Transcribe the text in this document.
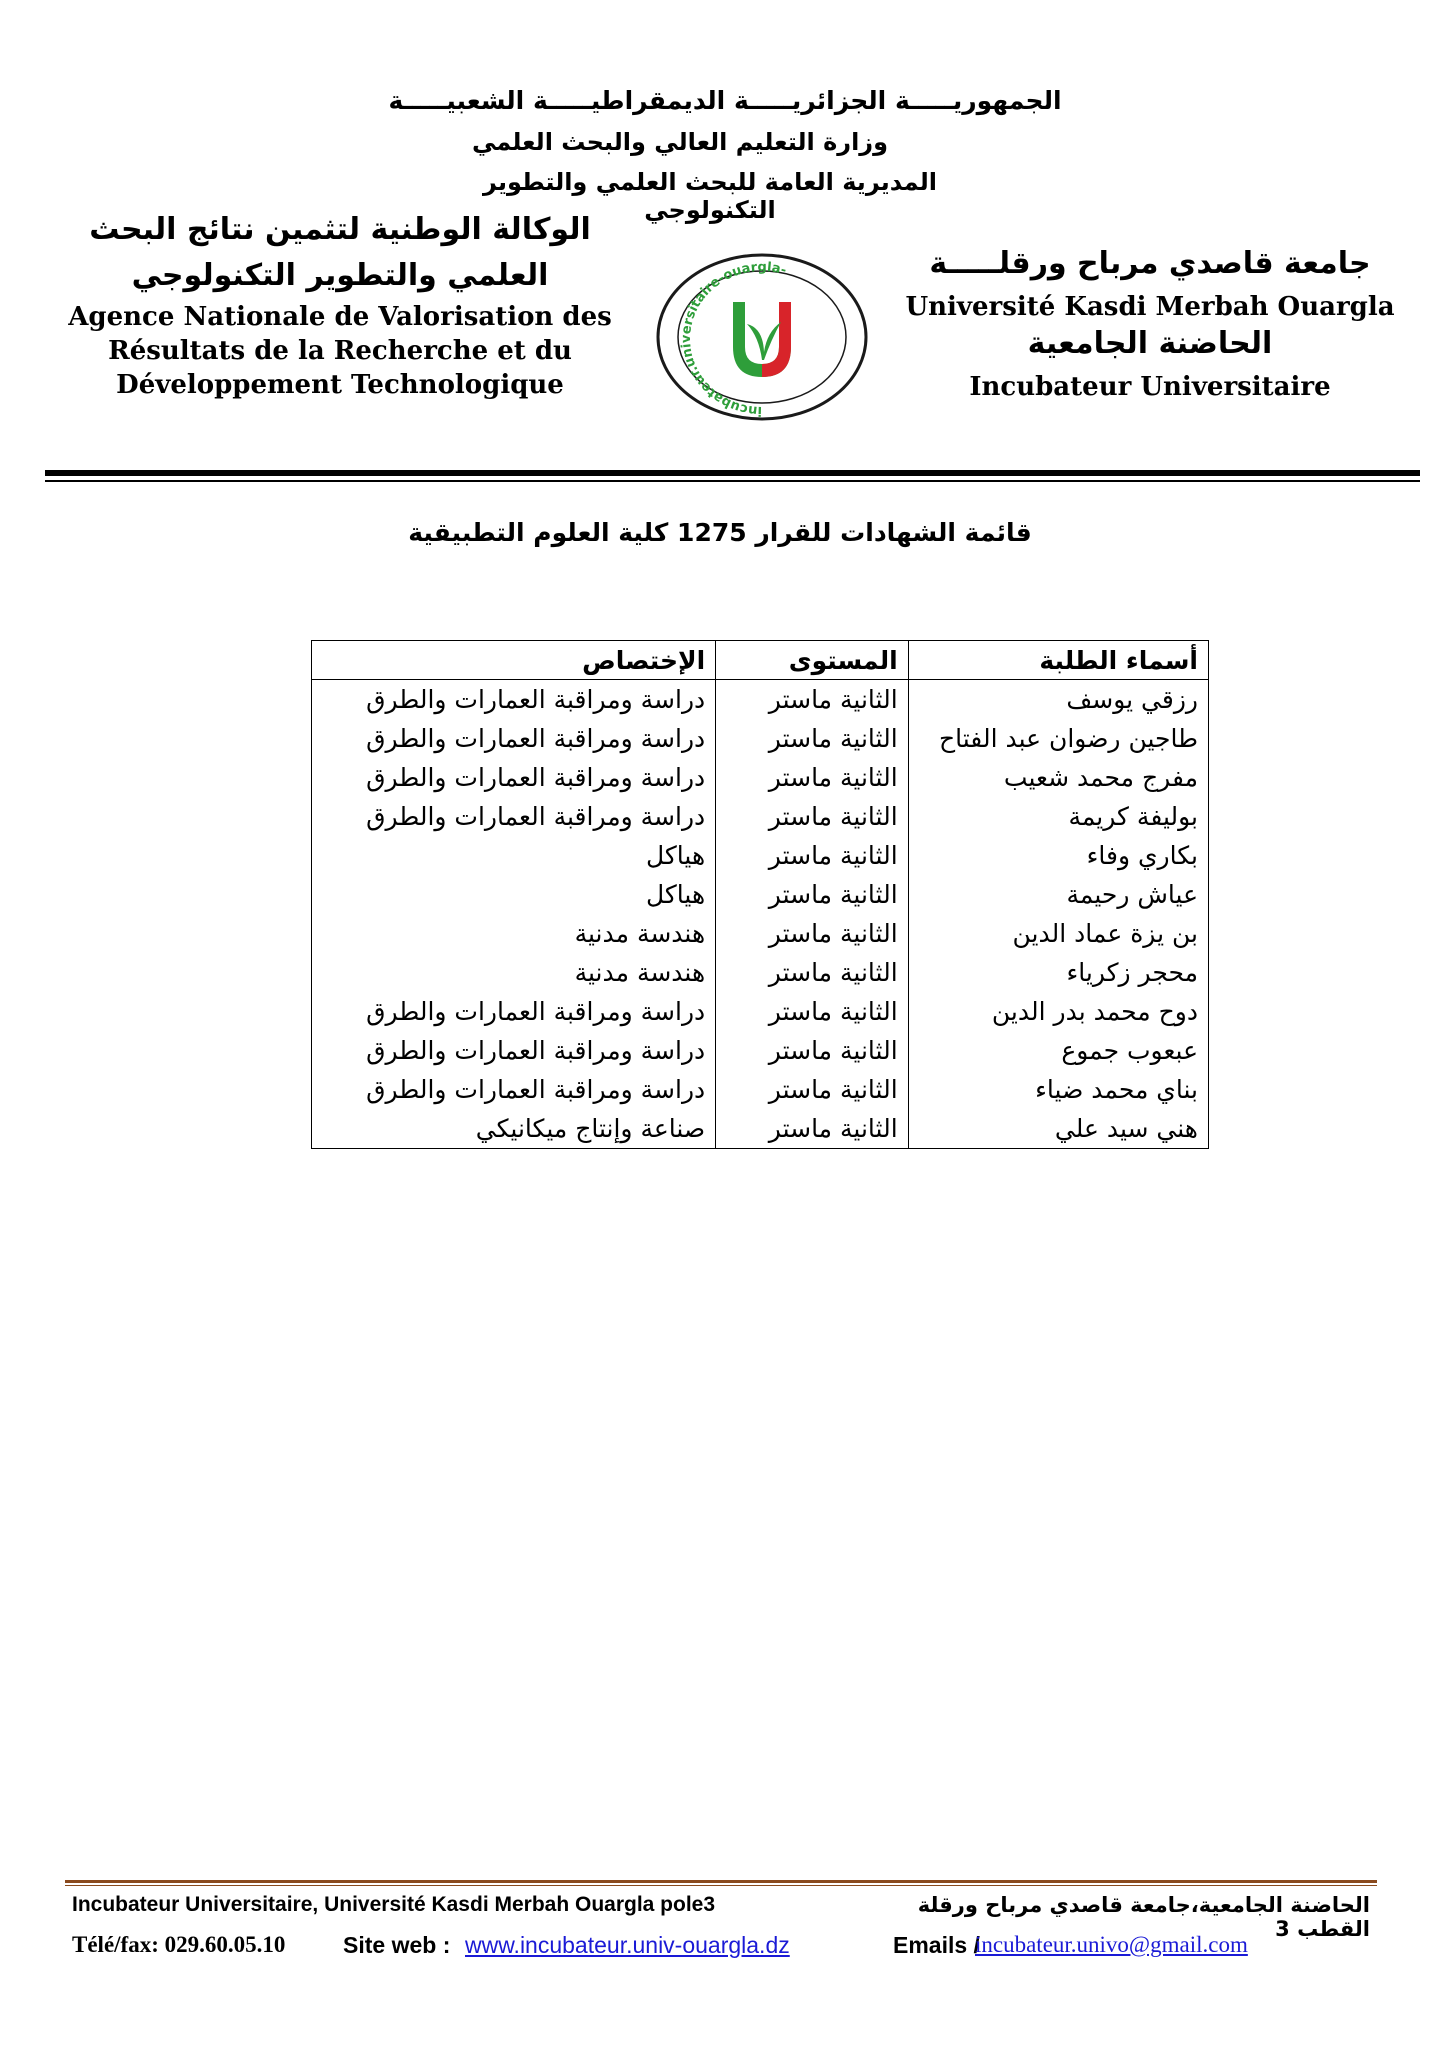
الجمهوريـــــة الجزائريـــــة الديمقراطيـــــة الشعبيـــــة
وزارة التعليم العالي والبحث العلمي
المديرية العامة للبحث العلمي والتطوير التكنولوجي
الوكالة الوطنية لتثمين نتائج البحث
العلمي والتطوير التكنولوجي
Agence Nationale de Valorisation des
Résultats de la Recherche et du
Développement Technologique
incubateur.universitaire-ouargla-	جامعة قاصدي مرباح ورقلـــــة
Université Kasdi Merbah Ouargla
الحاضنة الجامعية
Incubateur Universitaire
قائمة الشهادات للقرار 1275 كلية العلوم التطبيقية
أسماء الطلبة	المستوى	الإختصاص
رزقي يوسف	الثانية ماستر	دراسة ومراقبة العمارات والطرق
طاجين رضوان عبد الفتاح	الثانية ماستر	دراسة ومراقبة العمارات والطرق
مفرج محمد شعيب	الثانية ماستر	دراسة ومراقبة العمارات والطرق
بوليفة كريمة	الثانية ماستر	دراسة ومراقبة العمارات والطرق
بكاري وفاء	الثانية ماستر	هياكل
عياش رحيمة	الثانية ماستر	هياكل
بن يزة عماد الدين	الثانية ماستر	هندسة مدنية
محجر زكرياء	الثانية ماستر	هندسة مدنية
دوح محمد بدر الدين	الثانية ماستر	دراسة ومراقبة العمارات والطرق
عبعوب جموع	الثانية ماستر	دراسة ومراقبة العمارات والطرق
بناي محمد ضياء	الثانية ماستر	دراسة ومراقبة العمارات والطرق
هني سيد علي	الثانية ماستر	صناعة وإنتاج ميكانيكي
Incubateur Universitaire, Université Kasdi Merbah Ouargla pole3	الحاضنة الجامعية،جامعة قاصدي مرباح ورقلة القطب 3
Télé/fax: 029.60.05.10	Site web : www.incubateur.univ-ouargla.dz	Emails /
incubateur.univo@gmail.com
